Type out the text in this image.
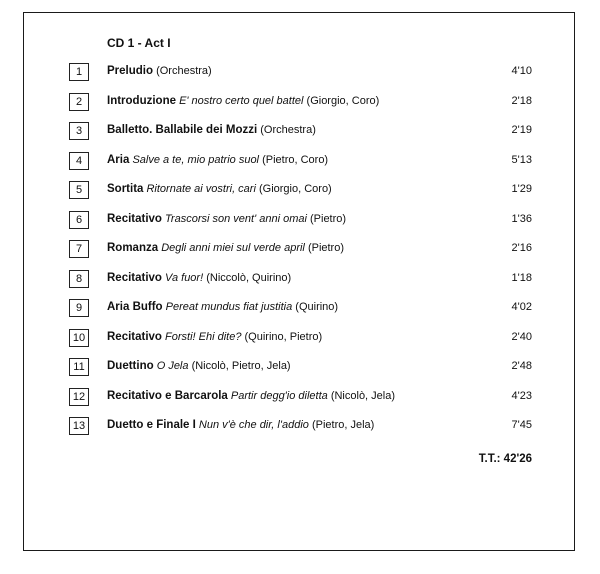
CD 1 - Act I
1	Preludio (Orchestra)	4'10
2	Introduzione E' nostro certo quel battel (Giorgio, Coro)	2'18
3	Balletto. Ballabile dei Mozzi (Orchestra)	2'19
4	Aria Salve a te, mio patrio suol (Pietro, Coro)	5'13
5	Sortita Ritornate ai vostri, cari (Giorgio, Coro)	1'29
6	Recitativo Trascorsi son vent' anni omai (Pietro)	1'36
7	Romanza Degli anni miei sul verde april (Pietro)	2'16
8	Recitativo Va fuor! (Niccolò, Quirino)	1'18
9	Aria Buffo Pereat mundus fiat justitia (Quirino)	4'02
10	Recitativo Forsti! Ehi dite? (Quirino, Pietro)	2'40
11	Duettino O Jela (Nicolò, Pietro, Jela)	2'48
12	Recitativo e Barcarola Partir degg'io diletta (Nicolò, Jela)	4'23
13	Duetto e Finale I Nun v'è che dir, l'addio (Pietro, Jela)	7'45
T.T.: 42'26
